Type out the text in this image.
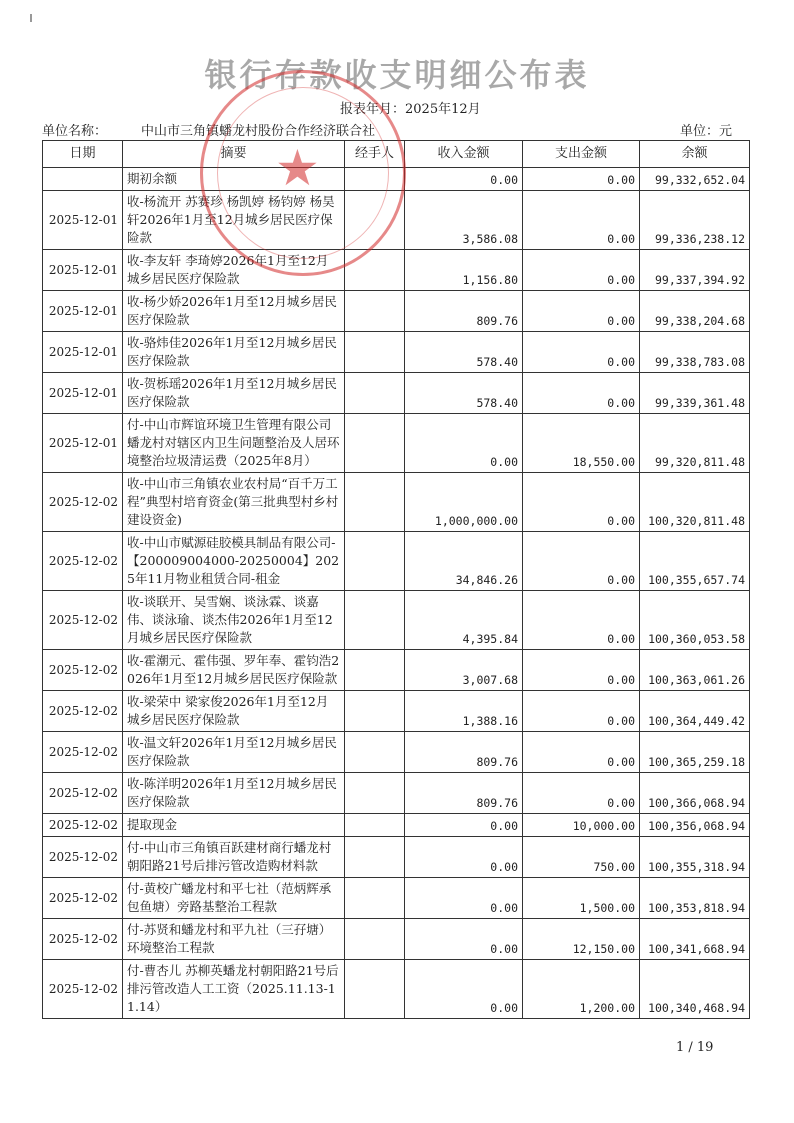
银行存款收支明细公布表
报表年月：2025年12月
单位名称：	中山市三角镇蟠龙村股份合作经济联合社	单位：元
日期	摘要	经手人	收入金额	支出金额	余额
	期初余额		0.00	0.00	99,332,652.04
2025-12-01	收-杨流开 苏赛珍 杨凯婷 杨钧婷 杨昊轩2026年1月至12月城乡居民医疗保险款		3,586.08	0.00	99,336,238.12
2025-12-01	收-李友轩 李琦婷2026年1月至12月城乡居民医疗保险款		1,156.80	0.00	99,337,394.92
2025-12-01	收-杨少娇2026年1月至12月城乡居民医疗保险款		809.76	0.00	99,338,204.68
2025-12-01	收-骆炜佳2026年1月至12月城乡居民医疗保险款		578.40	0.00	99,338,783.08
2025-12-01	收-贺栎瑶2026年1月至12月城乡居民医疗保险款		578.40	0.00	99,339,361.48
2025-12-01	付-中山市辉谊环境卫生管理有限公司蟠龙村对辖区内卫生问题整治及人居环境整治垃圾清运费（2025年8月）		0.00	18,550.00	99,320,811.48
2025-12-02	收-中山市三角镇农业农村局“百千万工程”典型村培育资金(第三批典型村乡村建设资金)		1,000,000.00	0.00	100,320,811.48
2025-12-02	收-中山市赋源硅胶模具制品有限公司-【200009004000-20250004】2025年11月物业租赁合同-租金		34,846.26	0.00	100,355,657.74
2025-12-02	收-谈联开、吴雪娴、谈泳霖、谈嘉伟、谈泳瑜、谈杰伟2026年1月至12月城乡居民医疗保险款		4,395.84	0.00	100,360,053.58
2025-12-02	收-霍潮元、霍伟强、罗年奉、霍钧浩2026年1月至12月城乡居民医疗保险款		3,007.68	0.00	100,363,061.26
2025-12-02	收-梁荣中 梁家俊2026年1月至12月城乡居民医疗保险款		1,388.16	0.00	100,364,449.42
2025-12-02	收-温文轩2026年1月至12月城乡居民医疗保险款		809.76	0.00	100,365,259.18
2025-12-02	收-陈洋明2026年1月至12月城乡居民医疗保险款		809.76	0.00	100,366,068.94
2025-12-02	提取现金		0.00	10,000.00	100,356,068.94
2025-12-02	付-中山市三角镇百跃建材商行蟠龙村朝阳路21号后排污管改造购材料款		0.00	750.00	100,355,318.94
2025-12-02	付-黄校广蟠龙村和平七社（范炳辉承包鱼塘）旁路基整治工程款		0.00	1,500.00	100,353,818.94
2025-12-02	付-苏贤和蟠龙村和平九社（三孖塘）环境整治工程款		0.00	12,150.00	100,341,668.94
2025-12-02	付-曹杏儿 苏柳英蟠龙村朝阳路21号后排污管改造人工工资（2025.11.13-11.14）		0.00	1,200.00	100,340,468.94
★
1 / 19
